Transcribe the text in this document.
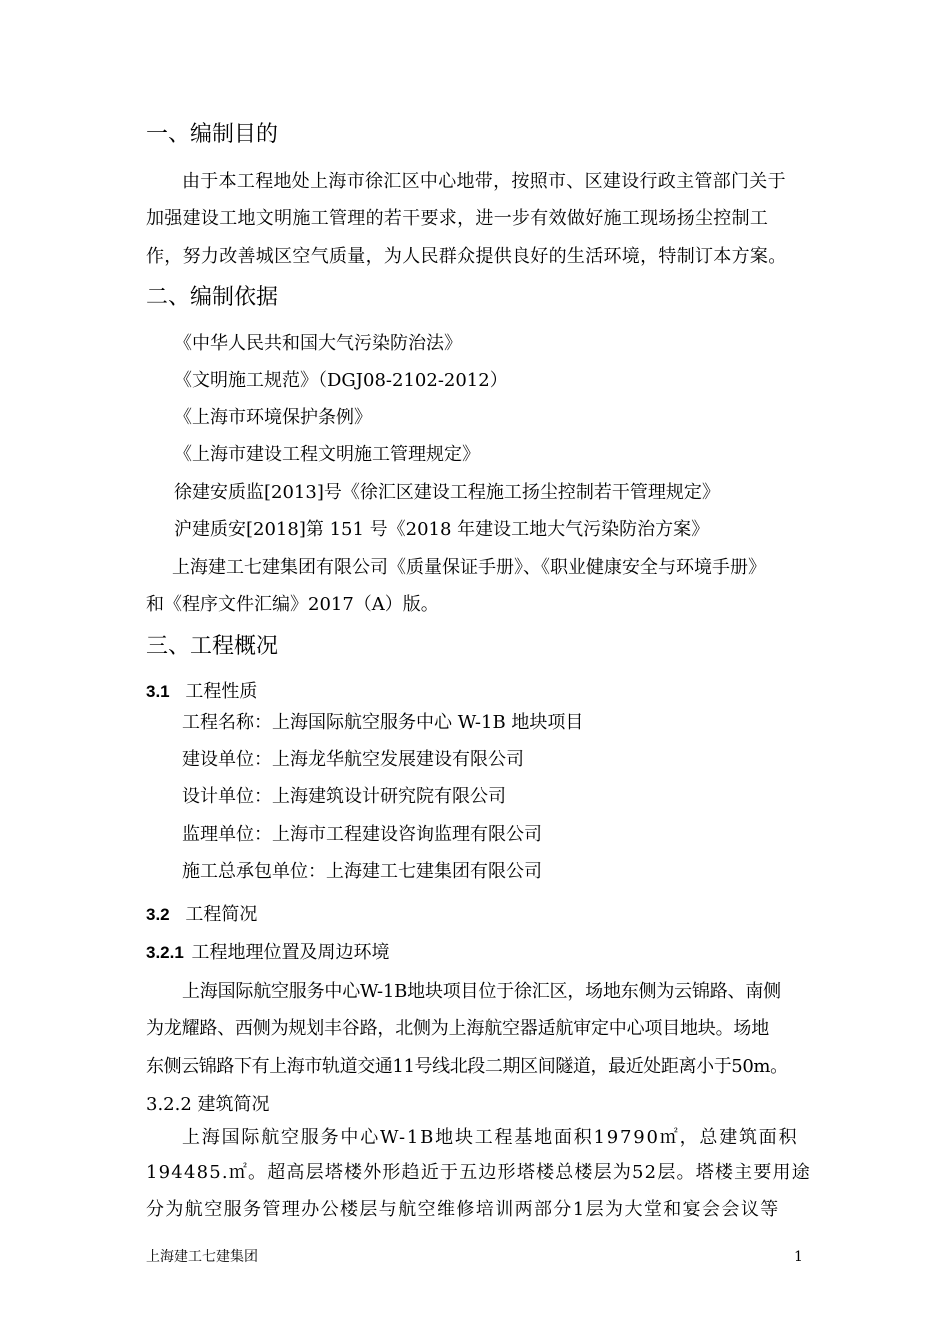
一、编制目的
由于本工程地处上海市徐汇区中心地带，按照市、区建设行政主管部门关于
加强建设工地文明施工管理的若干要求，进一步有效做好施工现场扬尘控制工
作，努力改善城区空气质量，为人民群众提供良好的生活环境，特制订本方案。
二、编制依据
《中华人民共和国大气污染防治法》
《文明施工规范》（DGJ08-2102-2012）
《上海市环境保护条例》
《上海市建设工程文明施工管理规定》
徐建安质监[2013]号《徐汇区建设工程施工扬尘控制若干管理规定》
沪建质安[2018]第 151 号《2018 年建设工地大气污染防治方案》
上海建工七建集团有限公司《质量保证手册》、《职业健康安全与环境手册》
和《程序文件汇编》2017（A）版。
三、工程概况
3.1 工程性质
工程名称：上海国际航空服务中心 W-1B 地块项目
建设单位：上海龙华航空发展建设有限公司
设计单位：上海建筑设计研究院有限公司
监理单位：上海市工程建设咨询监理有限公司
施工总承包单位：上海建工七建集团有限公司
3.2 工程简况
3.2.1 工程地理位置及周边环境
上海国际航空服务中心W-1B地块项目位于徐汇区，场地东侧为云锦路、南侧
为龙耀路、西侧为规划丰谷路，北侧为上海航空器适航审定中心项目地块。场地
东侧云锦路下有上海市轨道交通11号线北段二期区间隧道，最近处距离小于50m。
3.2.2 建筑简况
上海国际航空服务中心W-1B地块工程基地面积19790㎡，总建筑面积
194485.㎡。超高层塔楼外形趋近于五边形塔楼总楼层为52层。塔楼主要用途
分为航空服务管理办公楼层与航空维修培训两部分1层为大堂和宴会会议等
上海建工七建集团	1
